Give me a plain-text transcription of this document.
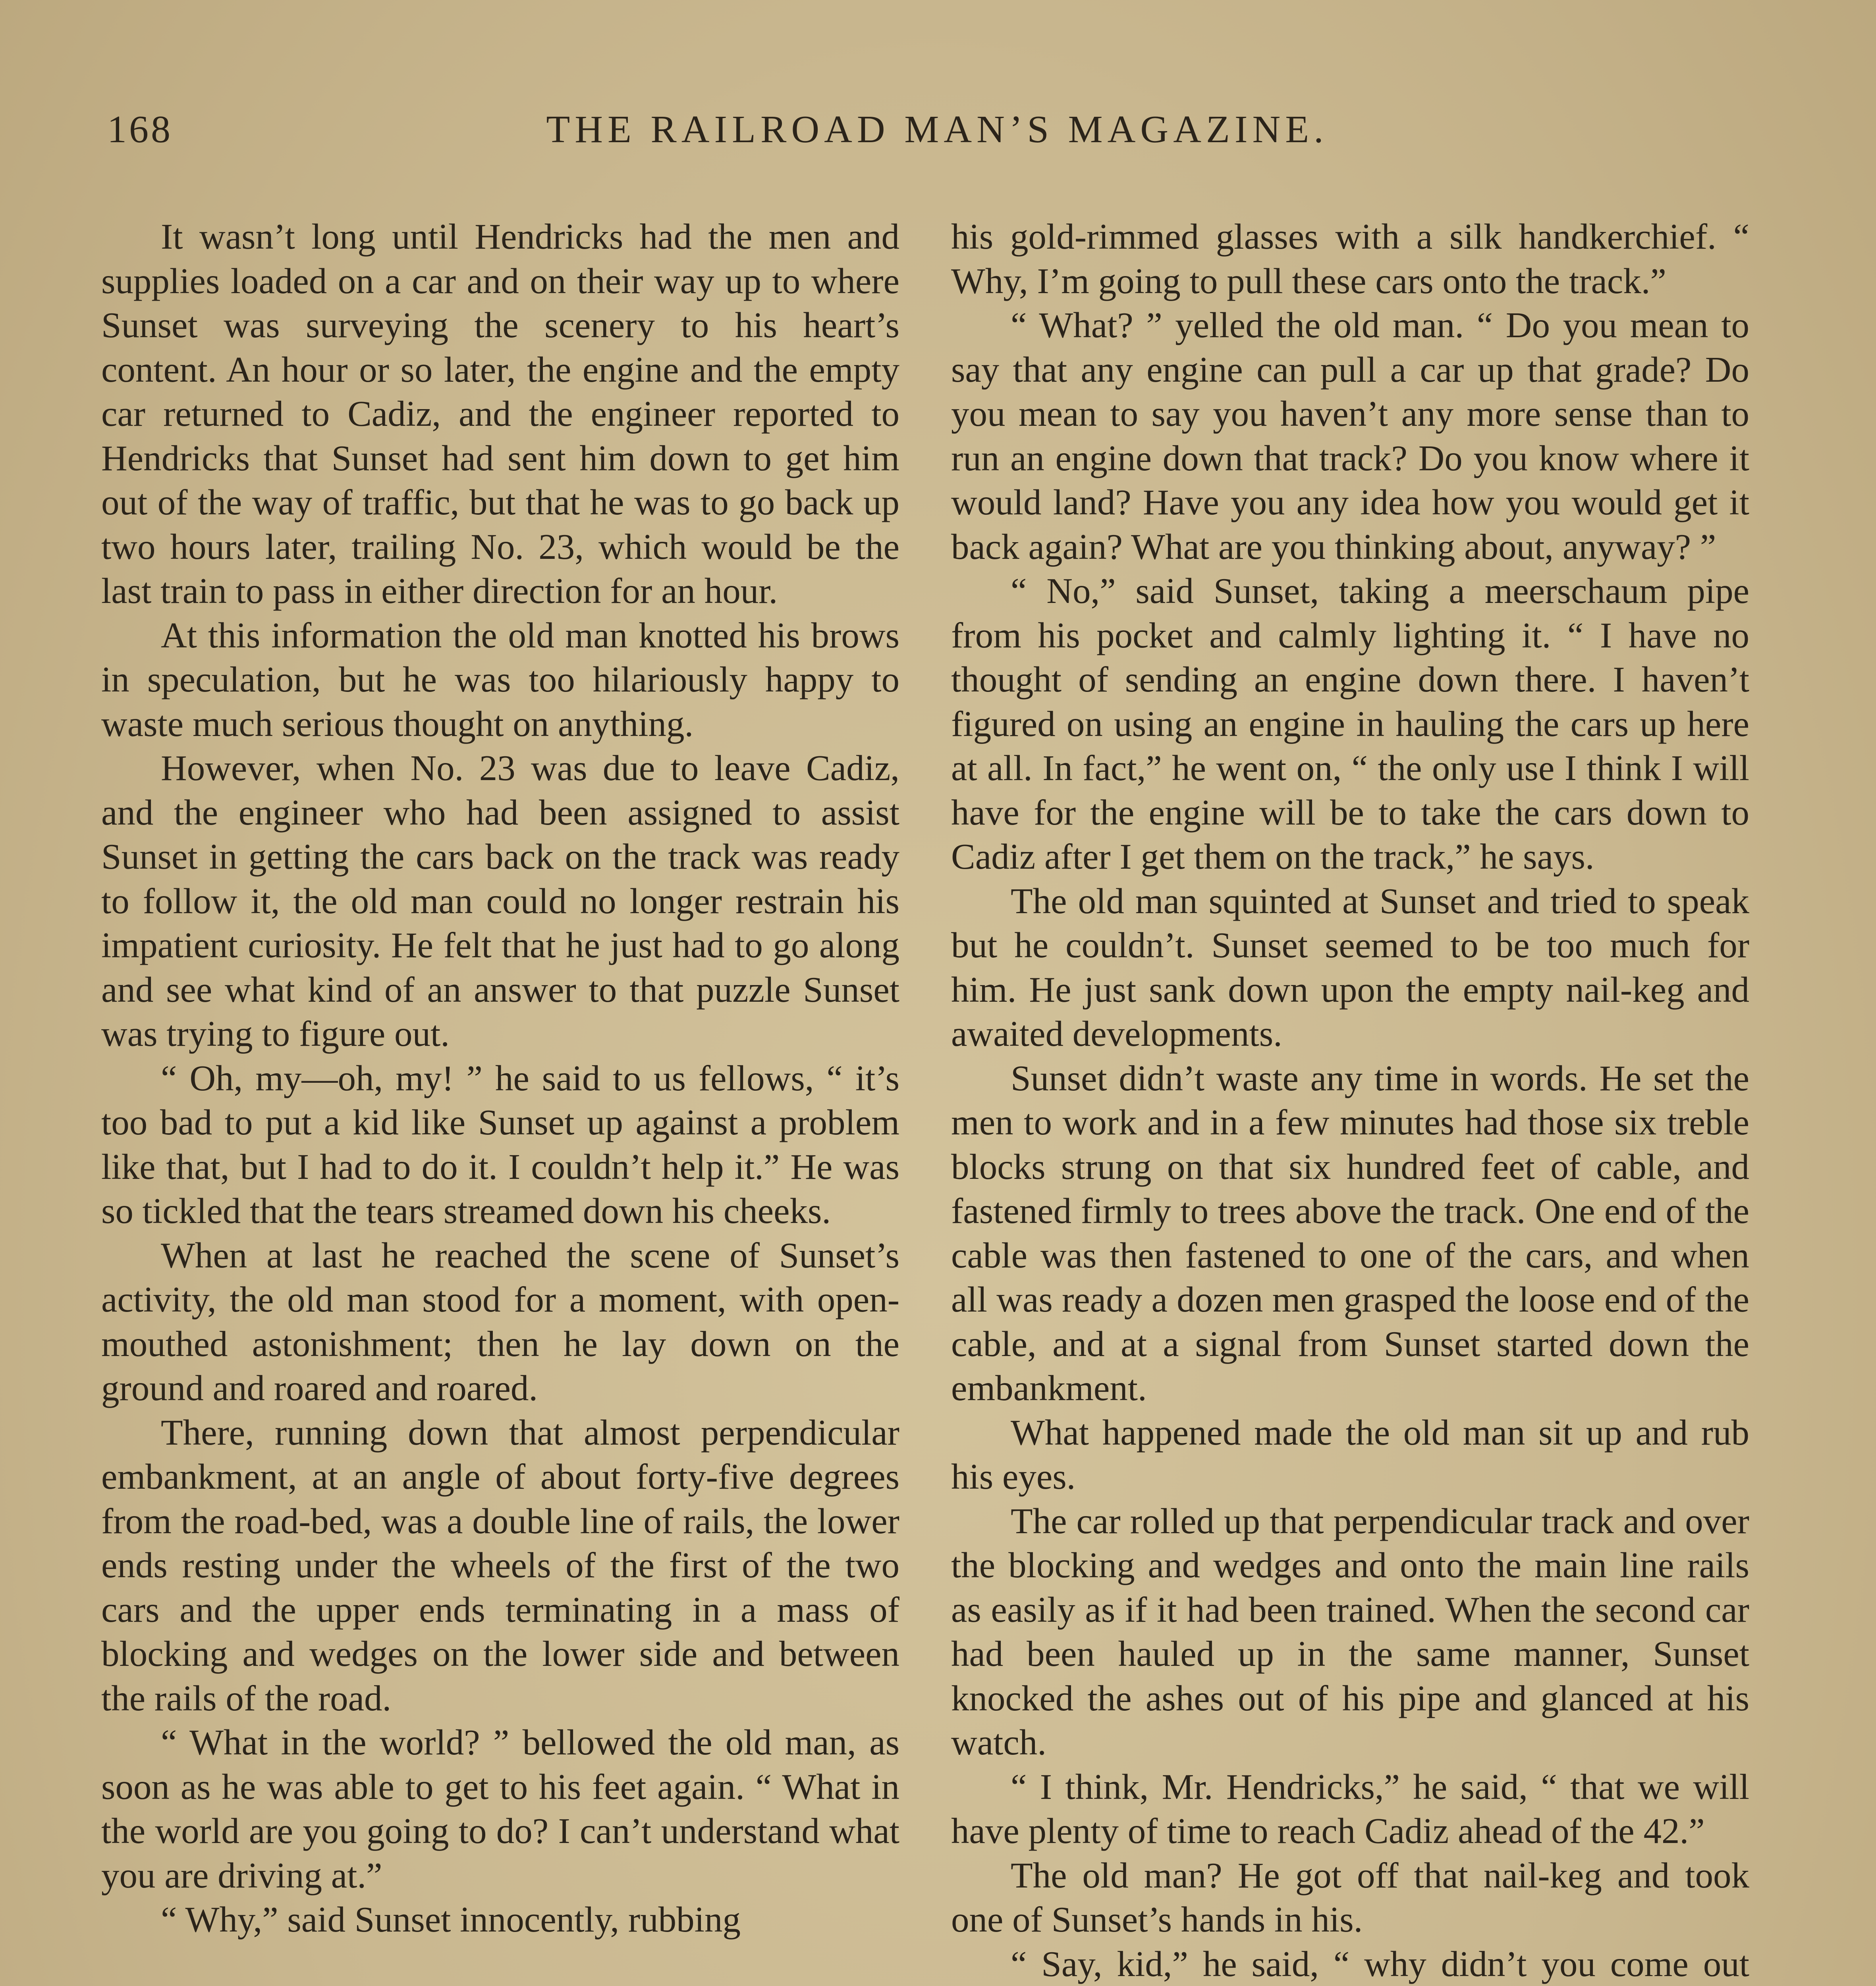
168	THE RAILROAD MAN’S MAGAZINE.

It wasn’t long until Hendricks had the men and supplies loaded on a car and on their way up to where Sunset was surveying the scenery to his heart’s content. An hour or so later, the engine and the empty car returned to Cadiz, and the engineer reported to Hendricks that Sunset had sent him down to get him out of the way of traffic, but that he was to go back up two hours later, trailing No. 23, which would be the last train to pass in either direction for an hour.

At this information the old man knotted his brows in speculation, but he was too hilariously happy to waste much serious thought on anything.

However, when No. 23 was due to leave Cadiz, and the engineer who had been assigned to assist Sunset in getting the cars back on the track was ready to follow it, the old man could no longer restrain his impatient curiosity. He felt that he just had to go along and see what kind of an answer to that puzzle Sunset was trying to figure out.

“ Oh, my—oh, my! ” he said to us fellows, “ it’s too bad to put a kid like Sunset up against a problem like that, but I had to do it. I couldn’t help it.” He was so tickled that the tears streamed down his cheeks.

When at last he reached the scene of Sunset’s activity, the old man stood for a moment, with open-mouthed astonishment; then he lay down on the ground and roared and roared.

There, running down that almost perpendicular embankment, at an angle of about forty-five degrees from the road-bed, was a double line of rails, the lower ends resting under the wheels of the first of the two cars and the upper ends terminating in a mass of blocking and wedges on the lower side and between the rails of the road.

“ What in the world? ” bellowed the old man, as soon as he was able to get to his feet again. “ What in the world are you going to do? I can’t understand what you are driving at.”

“ Why,” said Sunset innocently, rubbing

his gold-rimmed glasses with a silk handkerchief. “ Why, I’m going to pull these cars onto the track.”

“ What? ” yelled the old man. “ Do you mean to say that any engine can pull a car up that grade? Do you mean to say you haven’t any more sense than to run an engine down that track? Do you know where it would land? Have you any idea how you would get it back again? What are you thinking about, anyway? ”

“ No,” said Sunset, taking a meerschaum pipe from his pocket and calmly lighting it. “ I have no thought of sending an engine down there. I haven’t figured on using an engine in hauling the cars up here at all. In fact,” he went on, “ the only use I think I will have for the engine will be to take the cars down to Cadiz after I get them on the track,” he says.

The old man squinted at Sunset and tried to speak but he couldn’t. Sunset seemed to be too much for him. He just sank down upon the empty nail-keg and awaited developments.

Sunset didn’t waste any time in words. He set the men to work and in a few minutes had those six treble blocks strung on that six hundred feet of cable, and fastened firmly to trees above the track. One end of the cable was then fastened to one of the cars, and when all was ready a dozen men grasped the loose end of the cable, and at a signal from Sunset started down the embankment.

What happened made the old man sit up and rub his eyes.

The car rolled up that perpendicular track and over the blocking and wedges and onto the main line rails as easily as if it had been trained. When the second car had been hauled up in the same manner, Sunset knocked the ashes out of his pipe and glanced at his watch.

“ I think, Mr. Hendricks,” he said, “ that we will have plenty of time to reach Cadiz ahead of the 42.”

The old man? He got off that nail-keg and took one of Sunset’s hands in his.

“ Say, kid,” he said, “ why didn’t you come out
